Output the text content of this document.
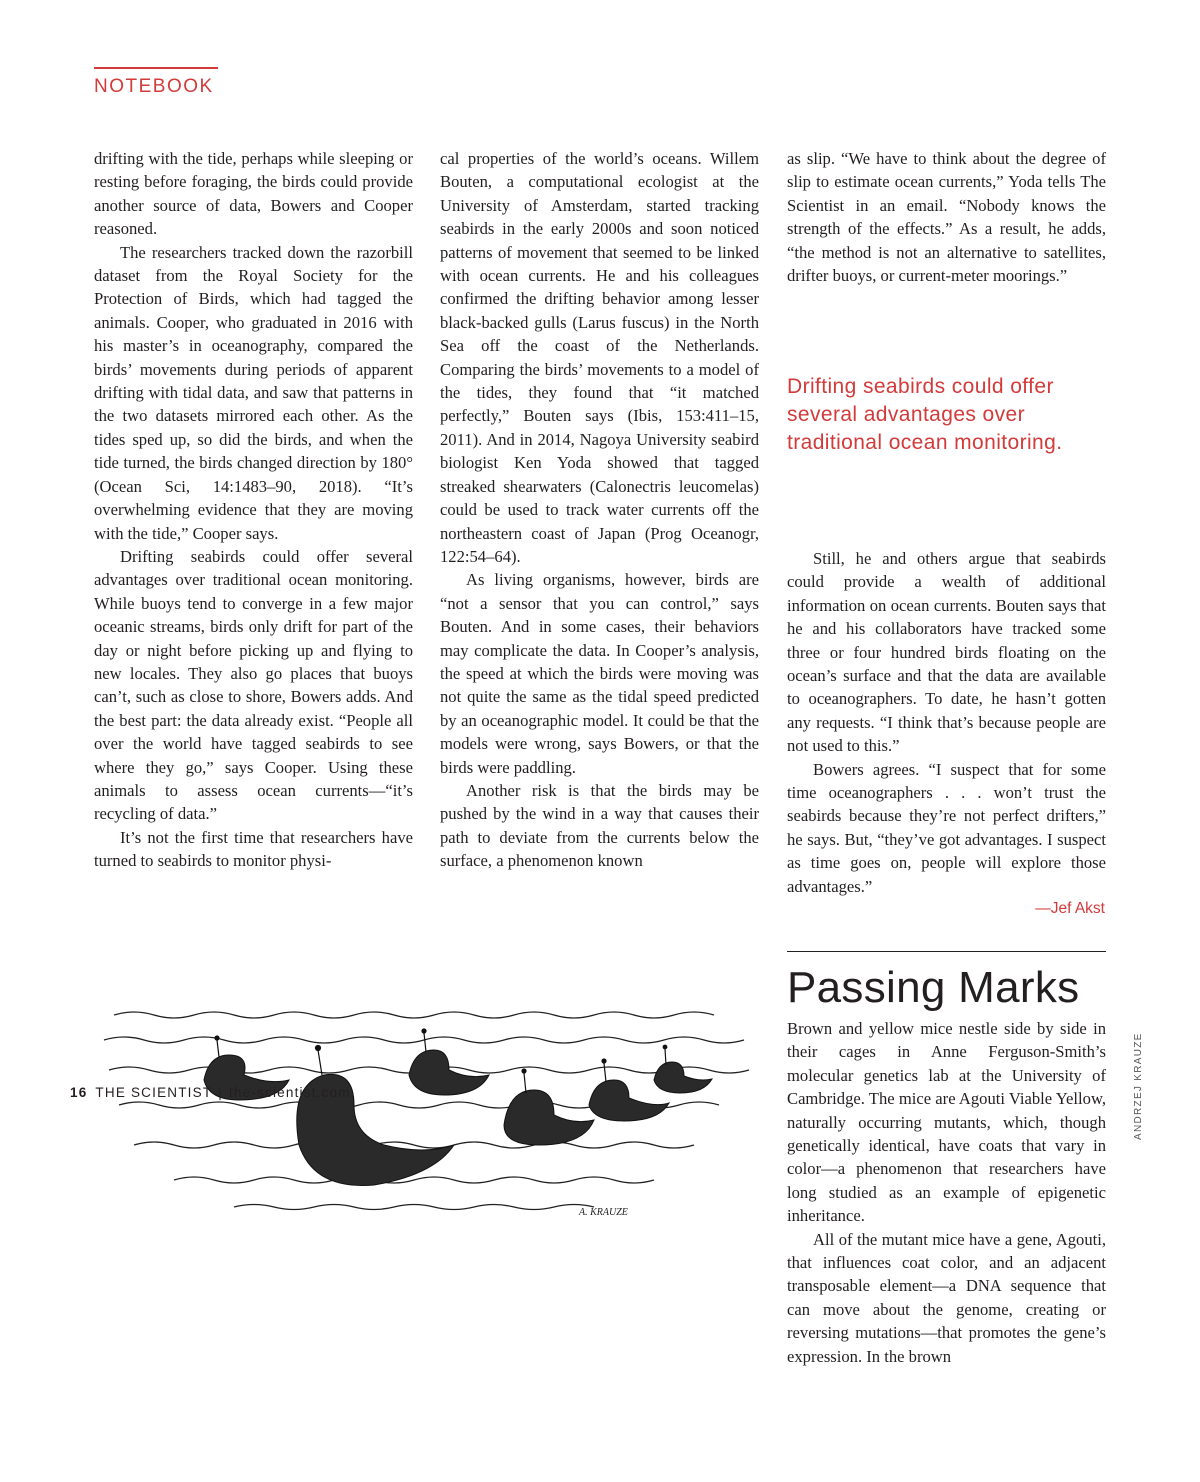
NOTEBOOK

drifting with the tide, perhaps while sleeping or resting before foraging, the birds could provide another source of data, Bowers and Cooper reasoned.

The researchers tracked down the razorbill dataset from the Royal Society for the Protection of Birds, which had tagged the animals. Cooper, who graduated in 2016 with his master’s in oceanography, compared the birds’ movements during periods of apparent drifting with tidal data, and saw that patterns in the two datasets mirrored each other. As the tides sped up, so did the birds, and when the tide turned, the birds changed direction by 180° (Ocean Sci, 14:1483–90, 2018). “It’s overwhelming evidence that they are moving with the tide,” Cooper says.

Drifting seabirds could offer several advantages over traditional ocean monitoring. While buoys tend to converge in a few major oceanic streams, birds only drift for part of the day or night before picking up and flying to new locales. They also go places that buoys can’t, such as close to shore, Bowers adds. And the best part: the data already exist. “People all over the world have tagged seabirds to see where they go,” says Cooper. Using these animals to assess ocean currents—“it’s recycling of data.”

It’s not the first time that researchers have turned to seabirds to monitor physi-

cal properties of the world’s oceans. Willem Bouten, a computational ecologist at the University of Amsterdam, started tracking seabirds in the early 2000s and soon noticed patterns of movement that seemed to be linked with ocean currents. He and his colleagues confirmed the drifting behavior among lesser black-backed gulls (Larus fuscus) in the North Sea off the coast of the Netherlands. Comparing the birds’ movements to a model of the tides, they found that “it matched perfectly,” Bouten says (Ibis, 153:411–15, 2011). And in 2014, Nagoya University seabird biologist Ken Yoda showed that tagged streaked shearwaters (Calonectris leucomelas) could be used to track water currents off the northeastern coast of Japan (Prog Oceanogr, 122:54–64).

As living organisms, however, birds are “not a sensor that you can control,” says Bouten. And in some cases, their behaviors may complicate the data. In Cooper’s analysis, the speed at which the birds were moving was not quite the same as the tidal speed predicted by an oceanographic model. It could be that the models were wrong, says Bowers, or that the birds were paddling.

Another risk is that the birds may be pushed by the wind in a way that causes their path to deviate from the currents below the surface, a phenomenon known

as slip. “We have to think about the degree of slip to estimate ocean currents,” Yoda tells The Scientist in an email. “Nobody knows the strength of the effects.” As a result, he adds, “the method is not an alternative to satellites, drifter buoys, or current-meter moorings.”

Drifting seabirds could offer several advantages over traditional ocean monitoring.

Still, he and others argue that seabirds could provide a wealth of additional information on ocean currents. Bouten says that he and his collaborators have tracked some three or four hundred birds floating on the ocean’s surface and that the data are available to oceanographers. To date, he hasn’t gotten any requests. “I think that’s because people are not used to this.”

Bowers agrees. “I suspect that for some time oceanographers . . . won’t trust the seabirds because they’re not perfect drifters,” he says. But, “they’ve got advantages. I suspect as time goes on, people will explore those advantages.”

—Jef Akst
Passing Marks

Brown and yellow mice nestle side by side in their cages in Anne Ferguson-Smith’s molecular genetics lab at the University of Cambridge. The mice are Agouti Viable Yellow, naturally occurring mutants, which, though genetically identical, have coats that vary in color—a phenomenon that researchers have long studied as an example of epigenetic inheritance.

All of the mutant mice have a gene, Agouti, that influences coat color, and an adjacent transposable element—a DNA sequence that can move about the genome, creating or reversing mutations—that promotes the gene’s expression. In the brown

A. KRAUZE
ANDRZEJ KRAUZE
16 THE SCIENTIST | the-scientist.com
